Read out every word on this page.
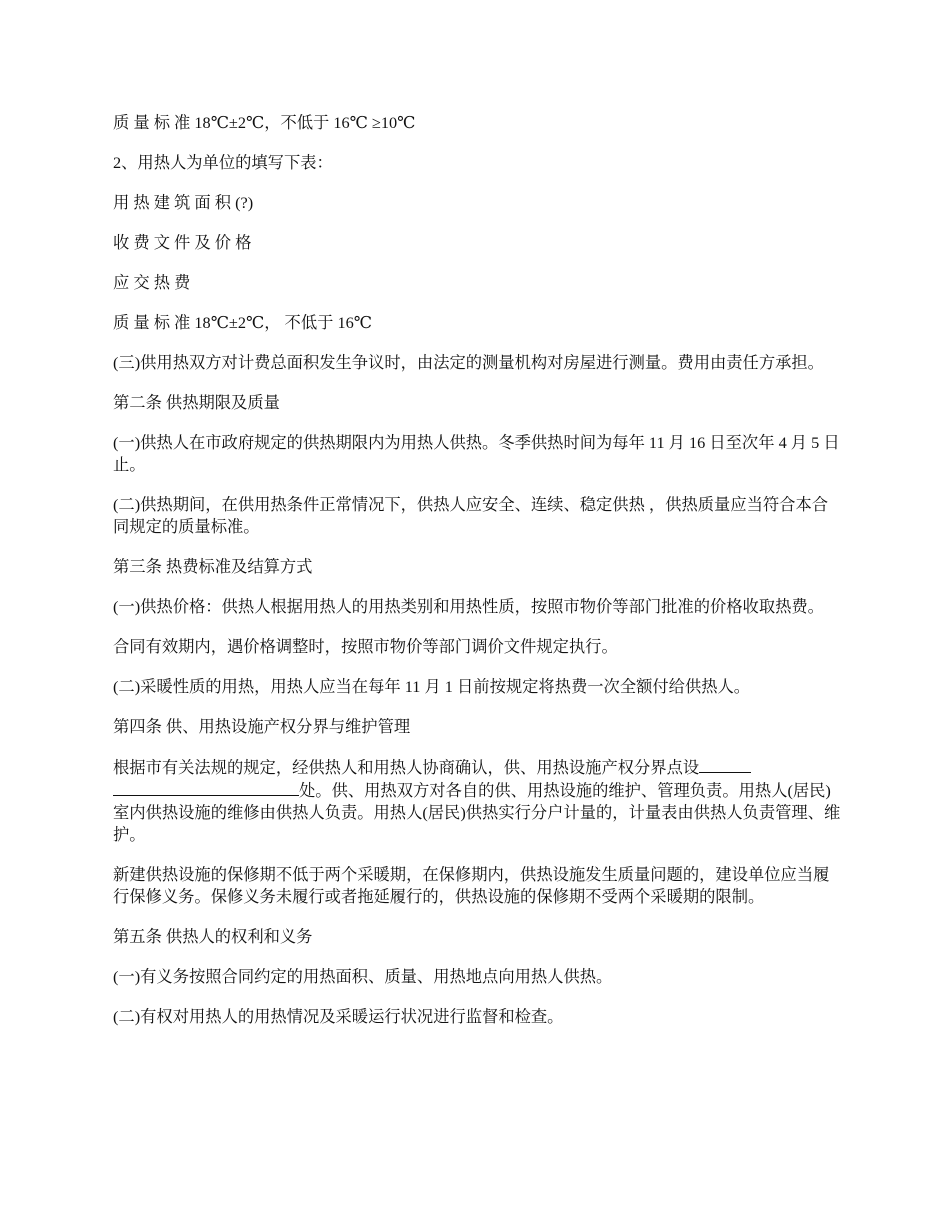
质 量 标 准 18℃±2℃，不低于 16℃ ≥10℃

2、用热人为单位的填写下表：

用 热 建 筑 面 积 (?)

收 费 文 件 及 价 格

应 交 热 费

质 量 标 准 18℃±2℃， 不低于 16℃

(三)供用热双方对计费总面积发生争议时，由法定的测量机构对房屋进行测量。费用由责任方承担。

第二条 供热期限及质量

(一)供热人在市政府规定的供热期限内为用热人供热。冬季供热时间为每年 11 月 16 日至次年 4 月 5 日止。

(二)供热期间，在供用热条件正常情况下，供热人应安全、连续、稳定供热 ，供热质量应当符合本合同规定的质量标准。

第三条 热费标准及结算方式

(一)供热价格：供热人根据用热人的用热类别和用热性质，按照市物价等部门批准的价格收取热费。

合同有效期内，遇价格调整时，按照市物价等部门调价文件规定执行。

(二)采暖性质的用热，用热人应当在每年 11 月 1 日前按规定将热费一次全额付给供热人。

第四条 供、用热设施产权分界与维护管理

根据市有关法规的规定，经供热人和用热人协商确认，供、用热设施产权分界点设处。供、用热双方对各自的供、用热设施的维护、管理负责。用热人(居民)室内供热设施的维修由供热人负责。用热人(居民)供热实行分户计量的，计量表由供热人负责管理、维护。

新建供热设施的保修期不低于两个采暖期，在保修期内，供热设施发生质量问题的，建设单位应当履行保修义务。保修义务未履行或者拖延履行的，供热设施的保修期不受两个采暖期的限制。

第五条 供热人的权利和义务

(一)有义务按照合同约定的用热面积、质量、用热地点向用热人供热。

(二)有权对用热人的用热情况及采暖运行状况进行监督和检查。
